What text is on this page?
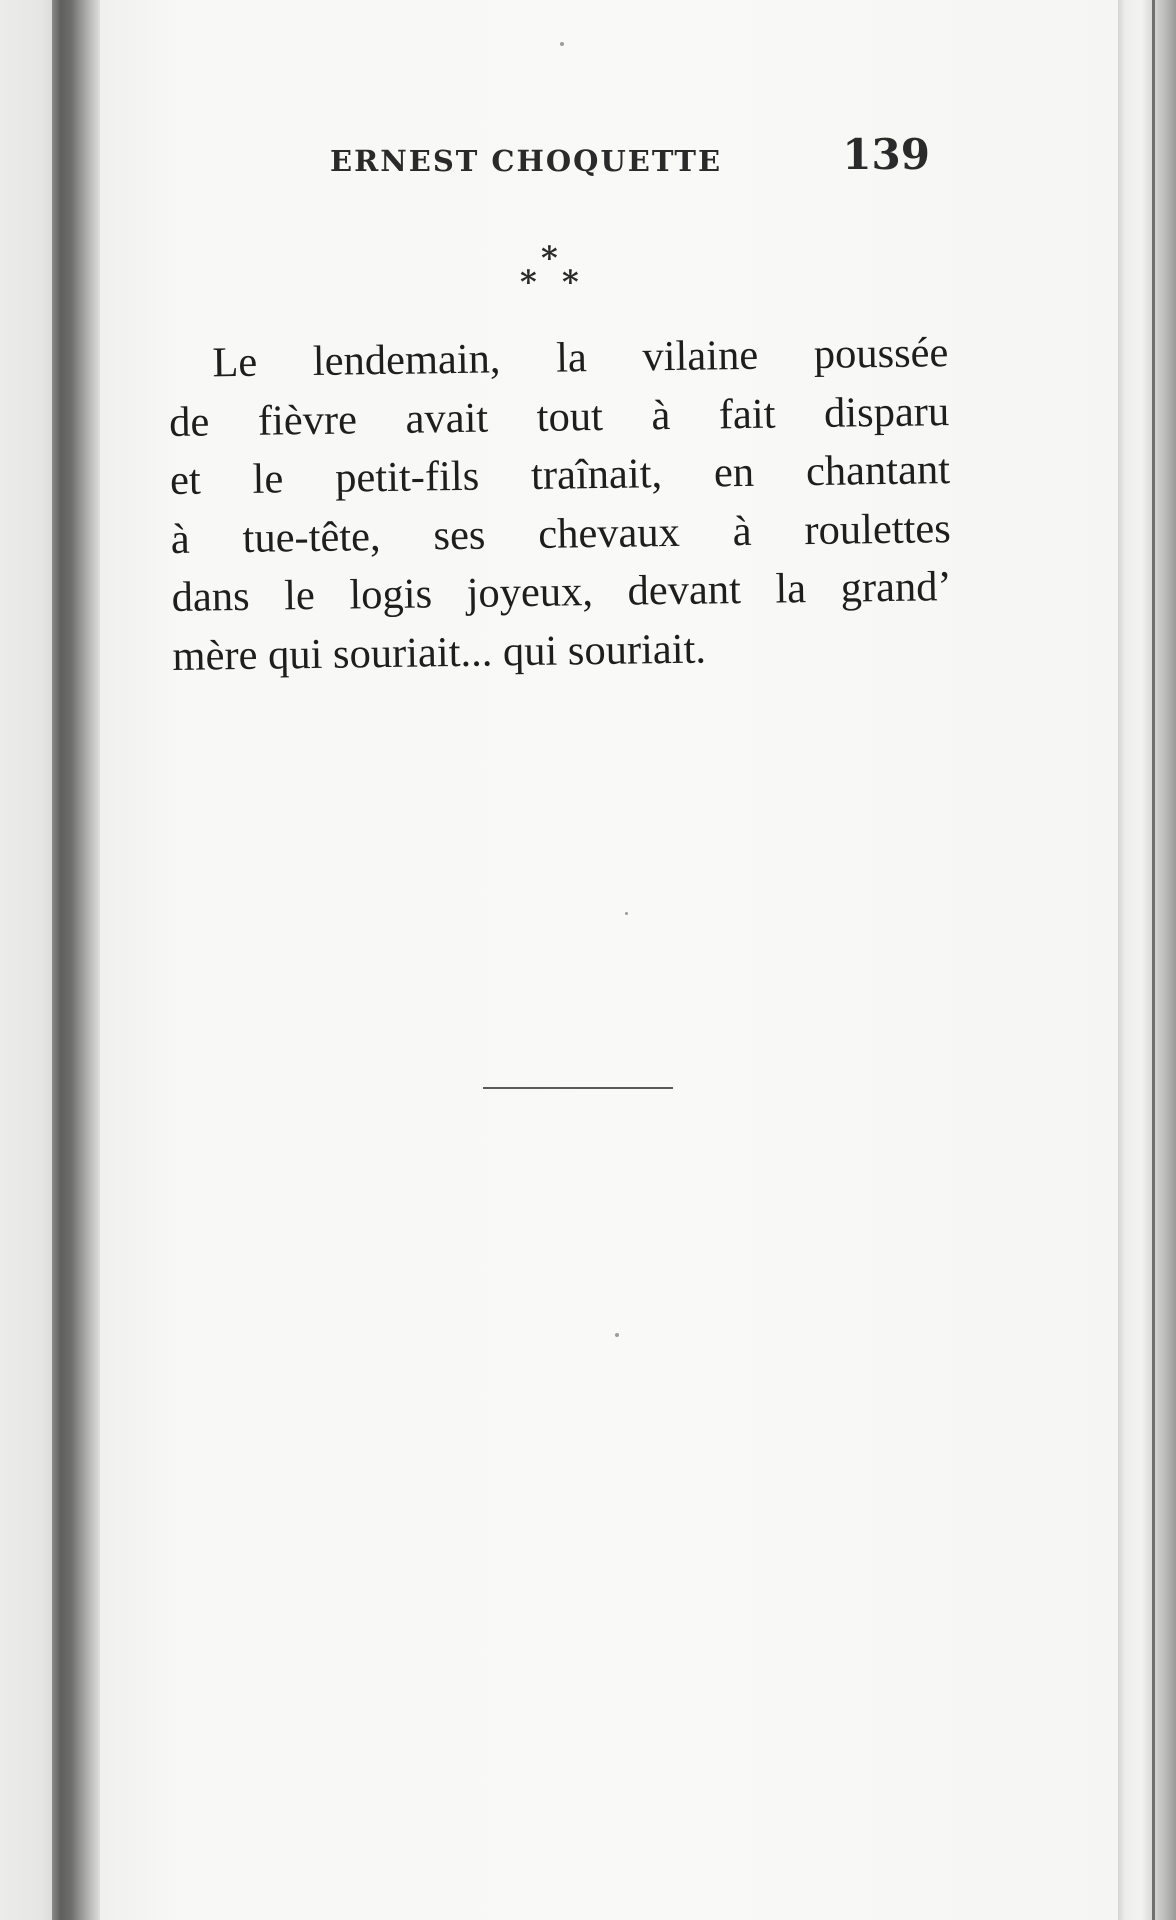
ERNEST CHOQUETTE	139
*
* *
Le lendemain, la vilaine poussée
de fièvre avait tout à fait disparu
et le petit-fils traînait, en chantant
à tue-tête, ses chevaux à roulettes
dans le logis joyeux, devant la grand’
mère qui souriait... qui souriait.
